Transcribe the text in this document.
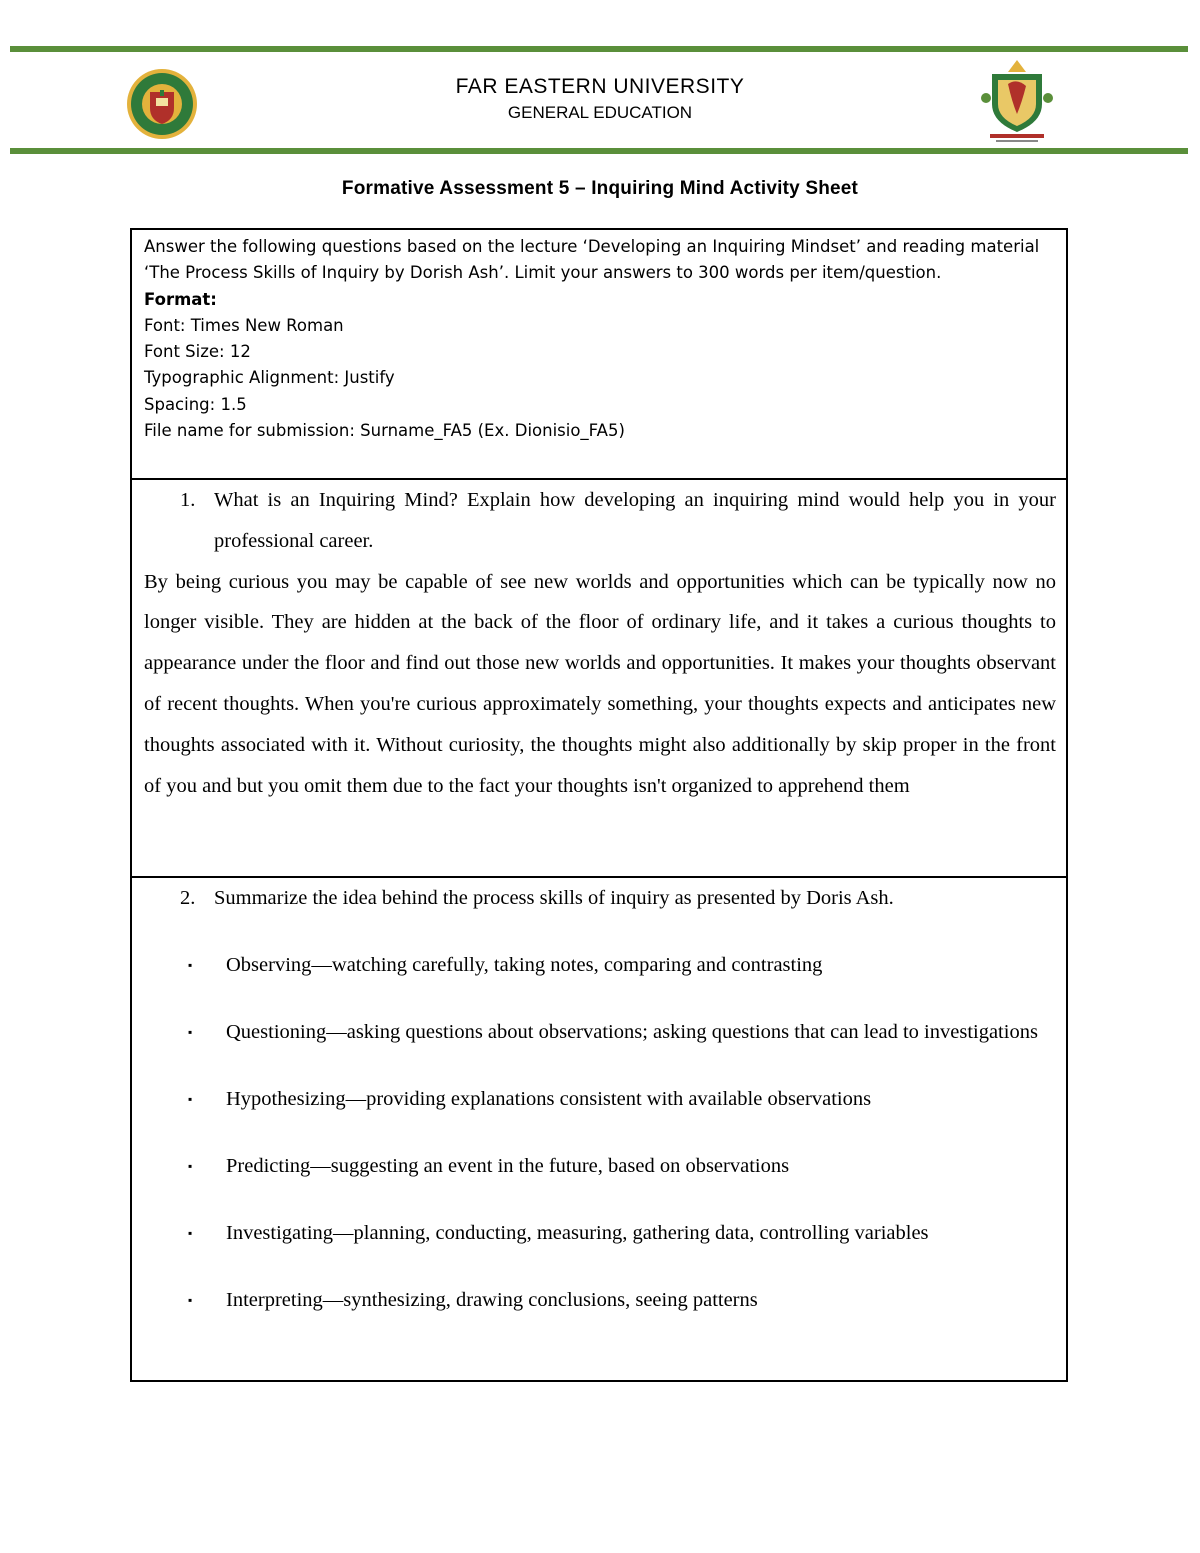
FAR EASTERN UNIVERSITY
GENERAL EDUCATION
Formative Assessment 5 – Inquiring Mind Activity Sheet
Answer the following questions based on the lecture ‘Developing an Inquiring Mindset’ and reading material ‘The Process Skills of Inquiry by Dorish Ash’. Limit your answers to 300 words per item/question.
Format:
Font: Times New Roman
Font Size: 12
Typographic Alignment: Justify
Spacing: 1.5
File name for submission: Surname_FA5 (Ex. Dionisio_FA5)
1. What is an Inquiring Mind? Explain how developing an inquiring mind would help you in your professional career.
By being curious you may be capable of see new worlds and opportunities which can be typically now no longer visible. They are hidden at the back of the floor of ordinary life, and it takes a curious thoughts to appearance under the floor and find out those new worlds and opportunities. It makes your thoughts observant of recent thoughts. When you're curious approximately something, your thoughts expects and anticipates new thoughts associated with it. Without curiosity, the thoughts might also additionally by skip proper in the front of you and but you omit them due to the fact your thoughts isn't organized to apprehend them
2. Summarize the idea behind the process skills of inquiry as presented by Doris Ash.
▪	Observing—watching carefully, taking notes, comparing and contrasting
▪	Questioning—asking questions about observations; asking questions that can lead to investigations
▪	Hypothesizing—providing explanations consistent with available observations
▪	Predicting—suggesting an event in the future, based on observations
▪	Investigating—planning, conducting, measuring, gathering data, controlling variables
▪	Interpreting—synthesizing, drawing conclusions, seeing patterns
